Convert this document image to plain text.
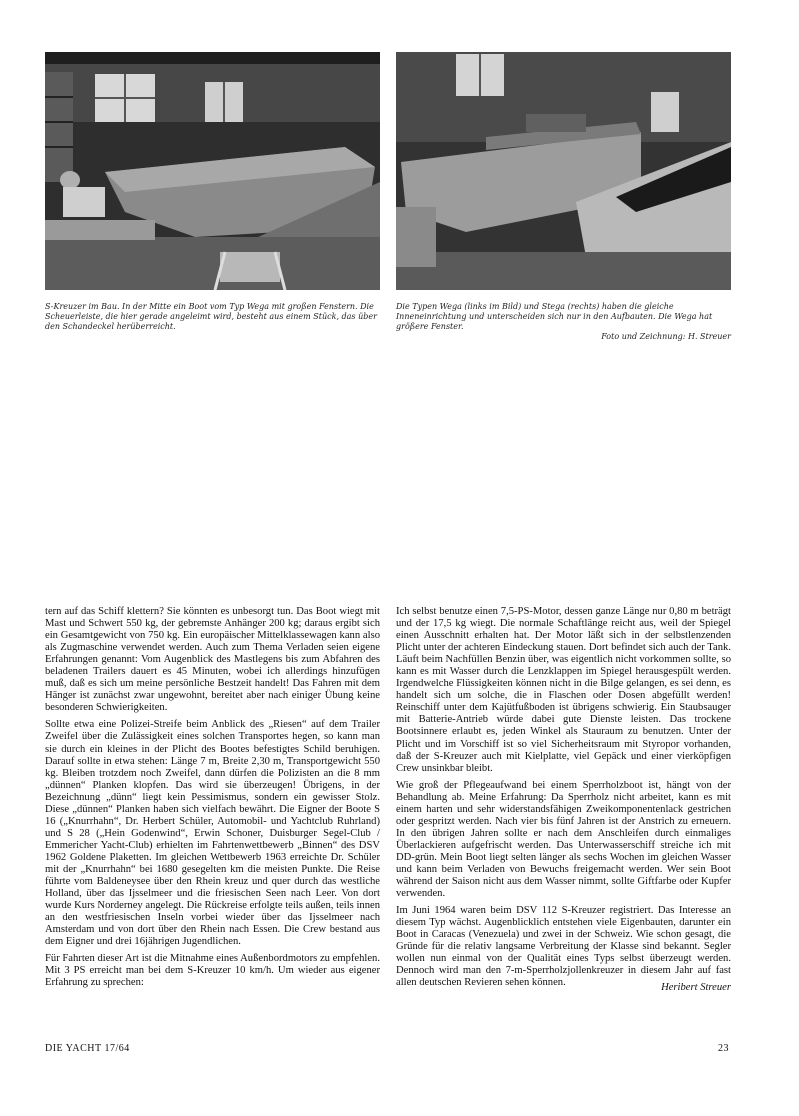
S-Kreuzer im Bau. In der Mitte ein Boot vom Typ Wega mit großen Fenstern. Die Scheuerleiste, die hier gerade angeleimt wird, besteht aus einem Stück, das über den Schandeckel herüberreicht.
Die Typen Wega (links im Bild) und Stega (rechts) haben die gleiche Inneneinrichtung und unterscheiden sich nur in den Aufbauten. Die Wega hat größere Fenster.
Foto und Zeichnung: H. Streuer

tern auf das Schiff klettern? Sie könnten es unbesorgt tun. Das Boot wiegt mit Mast und Schwert 550 kg, der gebremste Anhänger 200 kg; daraus ergibt sich ein Gesamtgewicht von 750 kg. Ein europäischer Mittelklassewagen kann also als Zugmaschine verwendet werden. Auch zum Thema Verladen seien eigene Erfahrungen genannt: Vom Augenblick des Mastlegens bis zum Abfahren des beladenen Trailers dauert es 45 Minuten, wobei ich allerdings hinzufügen muß, daß es sich um meine persönliche Bestzeit handelt! Das Fahren mit dem Hänger ist zunächst zwar ungewohnt, bereitet aber nach einiger Übung keine besonderen Schwierigkeiten.

Sollte etwa eine Polizei-Streife beim Anblick des „Riesen“ auf dem Trailer Zweifel über die Zulässigkeit eines solchen Transportes hegen, so kann man sie durch ein kleines in der Plicht des Bootes befestigtes Schild beruhigen. Darauf sollte in etwa stehen: Länge 7 m, Breite 2,30 m, Transportgewicht 550 kg. Bleiben trotzdem noch Zweifel, dann dürfen die Polizisten an die 8 mm „dünnen“ Planken klopfen. Das wird sie überzeugen! Übrigens, in der Bezeichnung „dünn“ liegt kein Pessimismus, sondern ein gewisser Stolz. Diese „dünnen“ Planken haben sich vielfach bewährt. Die Eigner der Boote S 16 („Knurrhahn“, Dr. Herbert Schüler, Automobil- und Yachtclub Ruhrland) und S 28 („Hein Godenwind“, Erwin Schoner, Duisburger Segel-Club / Emmericher Yacht-Club) erhielten im Fahrtenwettbewerb „Binnen“ des DSV 1962 Goldene Plaketten. Im gleichen Wettbewerb 1963 erreichte Dr. Schüler mit der „Knurrhahn“ bei 1680 gesegelten km die meisten Punkte. Die Reise führte vom Baldeneysee über den Rhein kreuz und quer durch das westliche Holland, über das Ijsselmeer und die friesischen Seen nach Leer. Von dort wurde Kurs Norderney angelegt. Die Rückreise erfolgte teils außen, teils innen an den westfriesischen Inseln vorbei wieder über das Ijsselmeer nach Amsterdam und von dort über den Rhein nach Essen. Die Crew bestand aus dem Eigner und drei 16jährigen Jugendlichen.

Für Fahrten dieser Art ist die Mitnahme eines Außenbordmotors zu empfehlen. Mit 3 PS erreicht man bei dem S-Kreuzer 10 km/h. Um wieder aus eigener Erfahrung zu sprechen:

Ich selbst benutze einen 7,5-PS-Motor, dessen ganze Länge nur 0,80 m beträgt und der 17,5 kg wiegt. Die normale Schaftlänge reicht aus, weil der Spiegel einen Ausschnitt erhalten hat. Der Motor läßt sich in der selbstlenzenden Plicht unter der achteren Eindeckung stauen. Dort befindet sich auch der Tank. Läuft beim Nachfüllen Benzin über, was eigentlich nicht vorkommen sollte, so kann es mit Wasser durch die Lenzklappen im Spiegel herausgespült werden. Irgendwelche Flüssigkeiten können nicht in die Bilge gelangen, es sei denn, es handelt sich um solche, die in Flaschen oder Dosen abgefüllt werden! Reinschiff unter dem Kajütfußboden ist übrigens schwierig. Ein Staubsauger mit Batterie-Antrieb würde dabei gute Dienste leisten. Das trockene Bootsinnere erlaubt es, jeden Winkel als Stauraum zu benutzen. Unter der Plicht und im Vorschiff ist so viel Sicherheitsraum mit Styropor vorhanden, daß der S-Kreuzer auch mit Kielplatte, viel Gepäck und einer vierköpfigen Crew unsinkbar bleibt.

Wie groß der Pflegeaufwand bei einem Sperrholzboot ist, hängt von der Behandlung ab. Meine Erfahrung: Da Sperrholz nicht arbeitet, kann es mit einem harten und sehr widerstandsfähigen Zweikomponentenlack gestrichen oder gespritzt werden. Nach vier bis fünf Jahren ist der Anstrich zu erneuern. In den übrigen Jahren sollte er nach dem Anschleifen durch einmaliges Überlackieren aufgefrischt werden. Das Unterwasserschiff streiche ich mit DD-grün. Mein Boot liegt selten länger als sechs Wochen im gleichen Wasser und kann beim Verladen von Bewuchs freigemacht werden. Wer sein Boot während der Saison nicht aus dem Wasser nimmt, sollte Giftfarbe oder Kupfer verwenden.

Im Juni 1964 waren beim DSV 112 S-Kreuzer registriert. Das Interesse an diesem Typ wächst. Augenblicklich entstehen viele Eigenbauten, darunter ein Boot in Caracas (Venezuela) und zwei in der Schweiz. Wie schon gesagt, die Gründe für die relativ langsame Verbreitung der Klasse sind bekannt. Segler wollen nun einmal von der Qualität eines Typs selbst überzeugt werden. Dennoch wird man den 7-m-Sperrholzjollenkreuzer in diesem Jahr auf fast allen deutschen Revieren sehen können.	Heribert Streuer

DIE YACHT 17/64	23
